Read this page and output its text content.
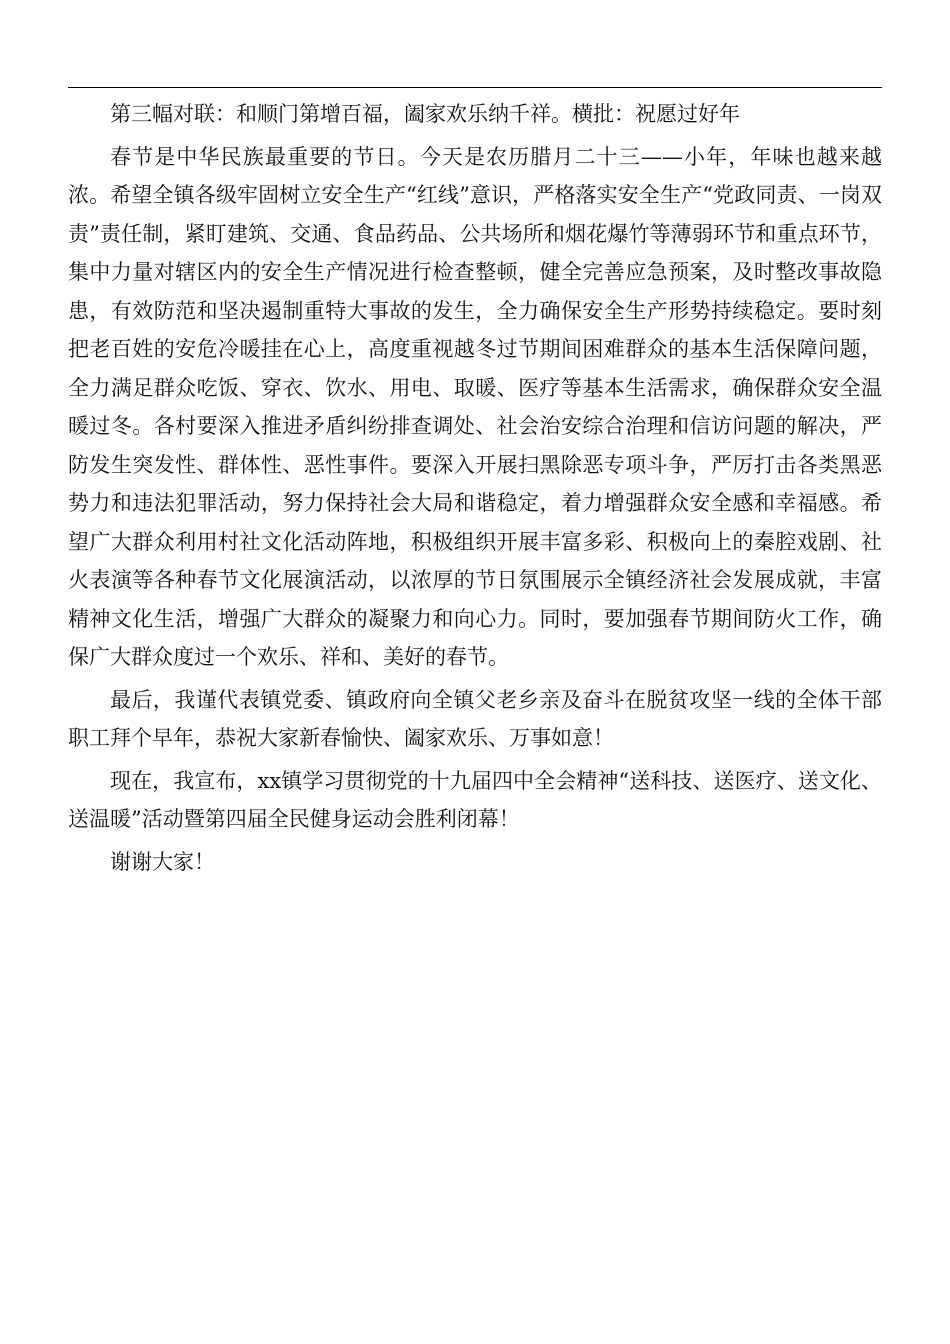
第三幅对联：和顺门第增百福，阖家欢乐纳千祥。横批：祝愿过好年

春节是中华民族最重要的节日。今天是农历腊月二十三——小年，年味也越来越浓。希望全镇各级牢固树立安全生产“红线”意识，严格落实安全生产“党政同责、一岗双责”责任制，紧盯建筑、交通、食品药品、公共场所和烟花爆竹等薄弱环节和重点环节，集中力量对辖区内的安全生产情况进行检查整顿，健全完善应急预案，及时整改事故隐患，有效防范和坚决遏制重特大事故的发生，全力确保安全生产形势持续稳定。要时刻把老百姓的安危冷暖挂在心上，高度重视越冬过节期间困难群众的基本生活保障问题，全力满足群众吃饭、穿衣、饮水、用电、取暖、医疗等基本生活需求，确保群众安全温暖过冬。各村要深入推进矛盾纠纷排查调处、社会治安综合治理和信访问题的解决，严防发生突发性、群体性、恶性事件。要深入开展扫黑除恶专项斗争，严厉打击各类黑恶势力和违法犯罪活动，努力保持社会大局和谐稳定，着力增强群众安全感和幸福感。希望广大群众利用村社文化活动阵地，积极组织开展丰富多彩、积极向上的秦腔戏剧、社火表演等各种春节文化展演活动，以浓厚的节日氛围展示全镇经济社会发展成就，丰富精神文化生活，增强广大群众的凝聚力和向心力。同时，要加强春节期间防火工作，确保广大群众度过一个欢乐、祥和、美好的春节。

最后，我谨代表镇党委、镇政府向全镇父老乡亲及奋斗在脱贫攻坚一线的全体干部职工拜个早年，恭祝大家新春愉快、阖家欢乐、万事如意！

现在，我宣布，xx镇学习贯彻党的十九届四中全会精神“送科技、送医疗、送文化、送温暖”活动暨第四届全民健身运动会胜利闭幕！

谢谢大家！
